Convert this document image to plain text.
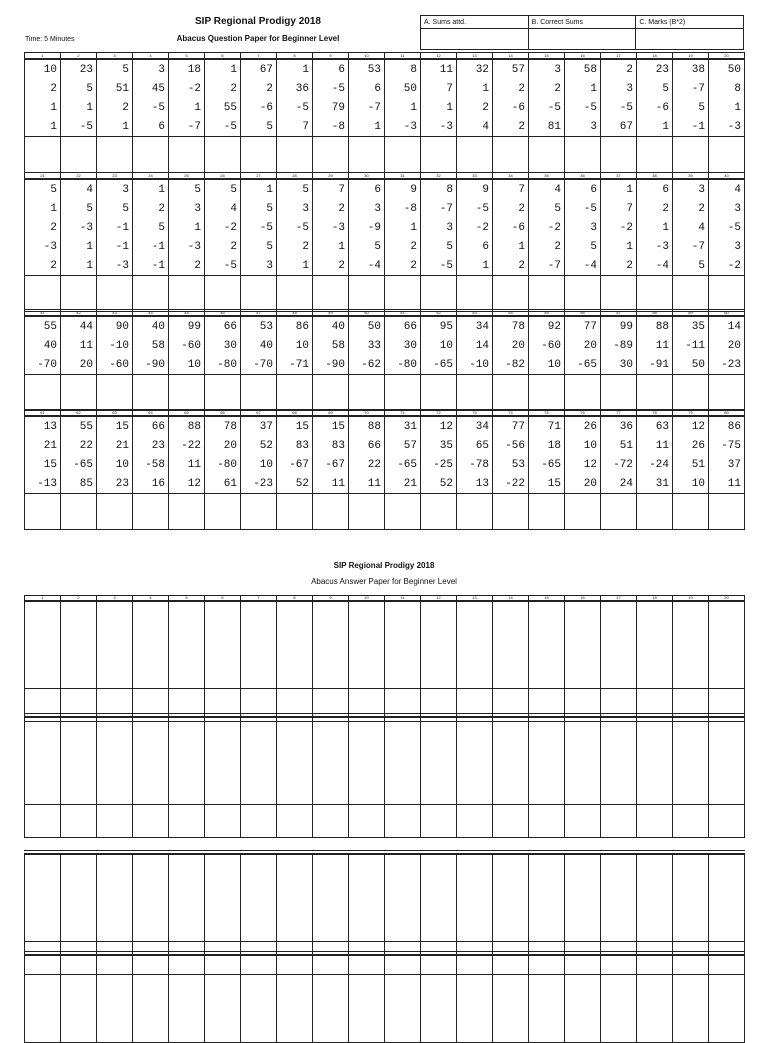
SIP Regional Prodigy 2018
Abacus Question Paper for Beginner Level
Time: 5 Minutes
A. Sums attd.	B. Correct Sums	C. Marks (B*2)

1	2	3	4	5	6	7	8	9	10	11	12	13	14	15	16	17	18	19	20
10	23	5	3	18	1	67	1	6	53	8	11	32	57	3	58	2	23	38	50
2	5	51	45	-2	2	2	36	-5	6	50	7	1	2	2	1	3	5	-7	8
1	1	2	-5	1	55	-6	-5	79	-7	1	1	2	-6	-5	-5	-5	-6	5	1
1	-5	1	6	-7	-5	5	7	-8	1	-3	-3	4	2	81	3	67	1	-1	-3

21	22	23	24	25	26	27	28	29	30	31	32	33	34	35	36	37	38	39	40
5	4	3	1	5	5	1	5	7	6	9	8	9	7	4	6	1	6	3	4
1	5	5	2	3	4	5	3	2	3	-8	-7	-5	2	5	-5	7	2	2	3
2	-3	-1	5	1	-2	-5	-5	-3	-9	1	3	-2	-6	-2	3	-2	1	4	-5
-3	1	-1	-1	-3	2	5	2	1	5	2	5	6	1	2	5	1	-3	-7	3
2	1	-3	-1	2	-5	3	1	2	-4	2	-5	1	2	-7	-4	2	-4	5	-2

41	42	43	44	45	46	47	48	49	50	51	52	53	54	55	56	57	58	59	60
55	44	90	40	99	66	53	86	40	50	66	95	34	78	92	77	99	88	35	14
40	11	-10	58	-60	30	40	10	58	33	30	10	14	20	-60	20	-89	11	-11	20
-70	20	-60	-90	10	-80	-70	-71	-90	-62	-80	-65	-10	-82	10	-65	30	-91	50	-23

61	62	63	64	65	66	67	68	69	70	71	72	73	74	75	76	77	78	79	80
13	55	15	66	88	78	37	15	15	88	31	12	34	77	71	26	36	63	12	86
21	22	21	23	-22	20	52	83	83	66	57	35	65	-56	18	10	51	11	26	-75
15	-65	10	-58	11	-80	10	-67	-67	22	-65	-25	-78	53	-65	12	-72	-24	51	37
-13	85	23	16	12	61	-23	52	11	11	21	52	13	-22	15	20	24	31	10	11

SIP Regional Prodigy 2018
Abacus Answer Paper for Beginner Level
1	2	3	4	5	6	7	8	9	10	11	12	13	14	15	16	17	18	19	20
